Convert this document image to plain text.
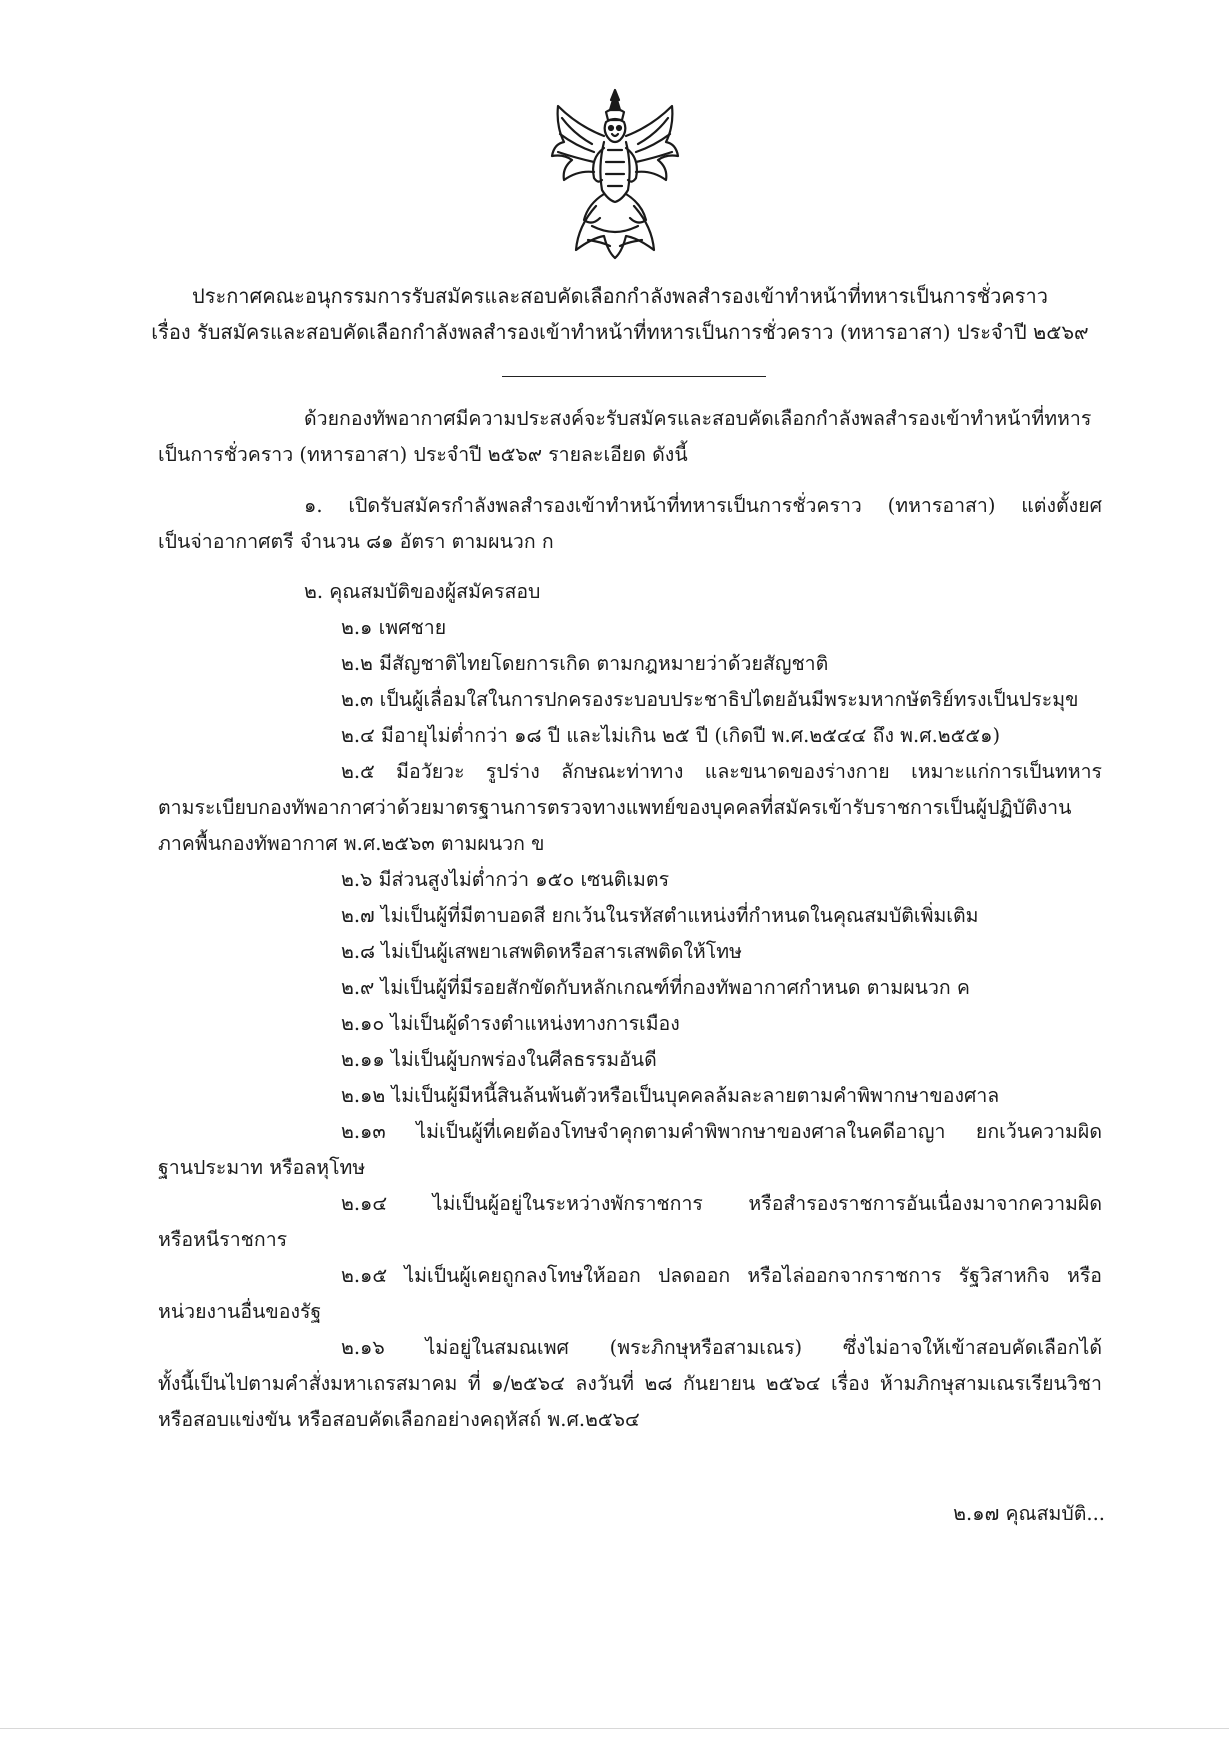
ประกาศคณะอนุกรรมการรับสมัครและสอบคัดเลือกกำลังพลสำรองเข้าทำหน้าที่ทหารเป็นการชั่วคราว
เรื่อง รับสมัครและสอบคัดเลือกกำลังพลสำรองเข้าทำหน้าที่ทหารเป็นการชั่วคราว (ทหารอาสา) ประจำปี ๒๕๖๙
ด้วยกองทัพอากาศมีความประสงค์จะรับสมัครและสอบคัดเลือกกำลังพลสำรองเข้าทำหน้าที่ทหาร
เป็นการชั่วคราว (ทหารอาสา) ประจำปี ๒๕๖๙ รายละเอียด ดังนี้
๑. เปิดรับสมัครกำลังพลสำรองเข้าทำหน้าที่ทหารเป็นการชั่วคราว (ทหารอาสา) แต่งตั้งยศ
เป็นจ่าอากาศตรี จำนวน ๘๑ อัตรา ตามผนวก ก
๒. คุณสมบัติของผู้สมัครสอบ
๒.๑ เพศชาย
๒.๒ มีสัญชาติไทยโดยการเกิด ตามกฎหมายว่าด้วยสัญชาติ
๒.๓ เป็นผู้เลื่อมใสในการปกครองระบอบประชาธิปไตยอันมีพระมหากษัตริย์ทรงเป็นประมุข
๒.๔ มีอายุไม่ต่ำกว่า ๑๘ ปี และไม่เกิน ๒๕ ปี (เกิดปี พ.ศ.๒๕๔๔ ถึง พ.ศ.๒๕๕๑)
๒.๕ มีอวัยวะ รูปร่าง ลักษณะท่าทาง และขนาดของร่างกาย เหมาะแก่การเป็นทหาร
ตามระเบียบกองทัพอากาศว่าด้วยมาตรฐานการตรวจทางแพทย์ของบุคคลที่สมัครเข้ารับราชการเป็นผู้ปฏิบัติงาน
ภาคพื้นกองทัพอากาศ พ.ศ.๒๕๖๓ ตามผนวก ข
๒.๖ มีส่วนสูงไม่ต่ำกว่า ๑๕๐ เซนติเมตร
๒.๗ ไม่เป็นผู้ที่มีตาบอดสี ยกเว้นในรหัสตำแหน่งที่กำหนดในคุณสมบัติเพิ่มเติม
๒.๘ ไม่เป็นผู้เสพยาเสพติดหรือสารเสพติดให้โทษ
๒.๙ ไม่เป็นผู้ที่มีรอยสักขัดกับหลักเกณฑ์ที่กองทัพอากาศกำหนด ตามผนวก ค
๒.๑๐ ไม่เป็นผู้ดำรงตำแหน่งทางการเมือง
๒.๑๑ ไม่เป็นผู้บกพร่องในศีลธรรมอันดี
๒.๑๒ ไม่เป็นผู้มีหนี้สินล้นพ้นตัวหรือเป็นบุคคลล้มละลายตามคำพิพากษาของศาล
๒.๑๓ ไม่เป็นผู้ที่เคยต้องโทษจำคุกตามคำพิพากษาของศาลในคดีอาญา ยกเว้นความผิด
ฐานประมาท หรือลหุโทษ
๒.๑๔ ไม่เป็นผู้อยู่ในระหว่างพักราชการ หรือสำรองราชการอันเนื่องมาจากความผิด
หรือหนีราชการ
๒.๑๕ ไม่เป็นผู้เคยถูกลงโทษให้ออก ปลดออก หรือไล่ออกจากราชการ รัฐวิสาหกิจ หรือ
หน่วยงานอื่นของรัฐ
๒.๑๖ ไม่อยู่ในสมณเพศ (พระภิกษุหรือสามเณร) ซึ่งไม่อาจให้เข้าสอบคัดเลือกได้
ทั้งนี้เป็นไปตามคำสั่งมหาเถรสมาคม ที่ ๑/๒๕๖๔ ลงวันที่ ๒๘ กันยายน ๒๕๖๔ เรื่อง ห้ามภิกษุสามเณรเรียนวิชา
หรือสอบแข่งขัน หรือสอบคัดเลือกอย่างคฤหัสถ์ พ.ศ.๒๕๖๔
๒.๑๗ คุณสมบัติ...
